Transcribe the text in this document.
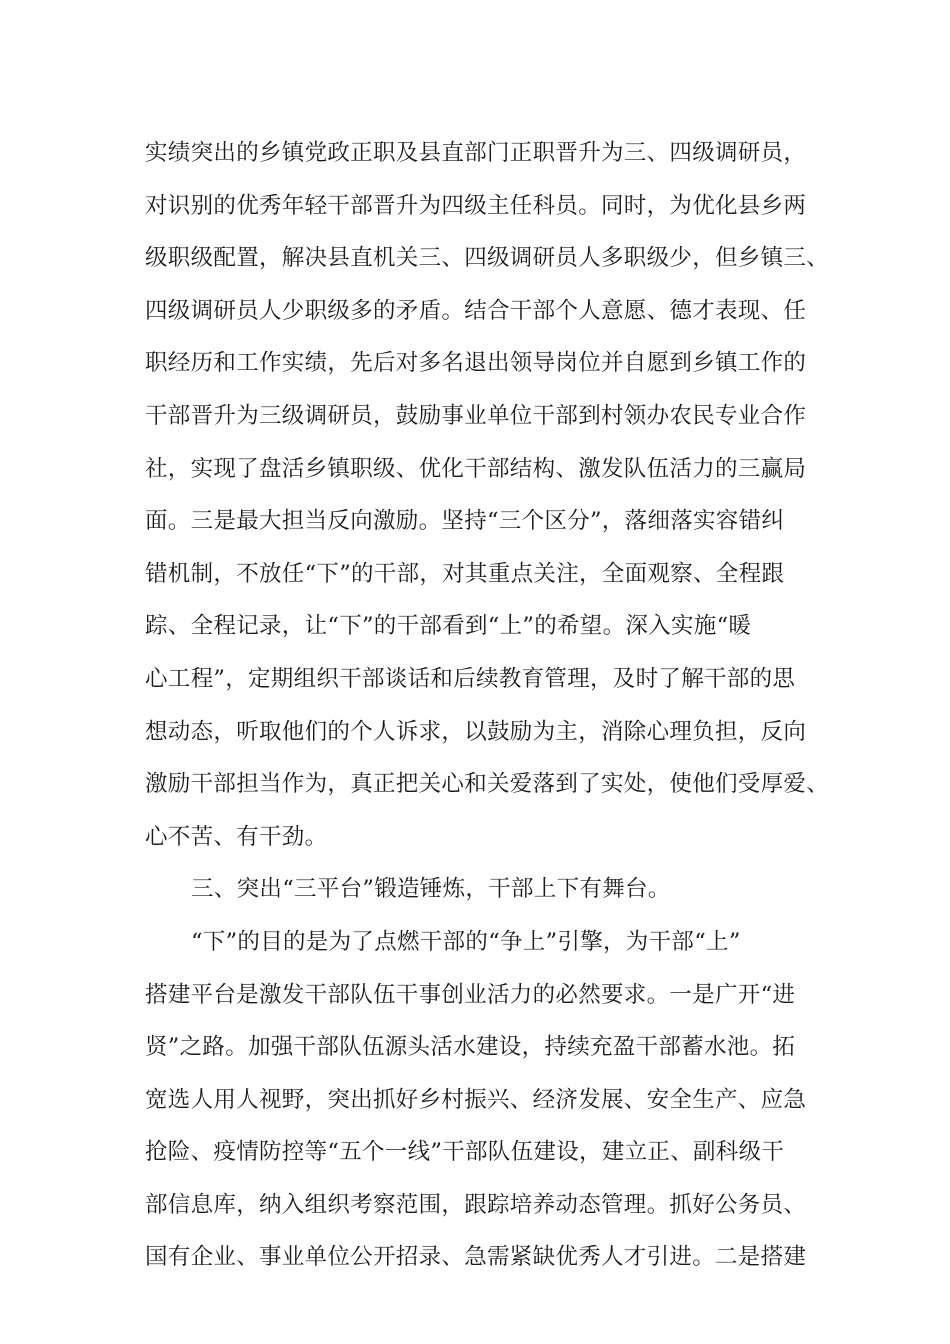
实绩突出的乡镇党政正职及县直部门正职晋升为三、四级调研员，
对识别的优秀年轻干部晋升为四级主任科员。同时，为优化县乡两
级职级配置，解决县直机关三、四级调研员人多职级少，但乡镇三、
四级调研员人少职级多的矛盾。结合干部个人意愿、德才表现、任
职经历和工作实绩，先后对多名退出领导岗位并自愿到乡镇工作的
干部晋升为三级调研员，鼓励事业单位干部到村领办农民专业合作
社，实现了盘活乡镇职级、优化干部结构、激发队伍活力的三赢局
面。三是最大担当反向激励。坚持“三个区分”，落细落实容错纠
错机制，不放任“下”的干部，对其重点关注，全面观察、全程跟
踪、全程记录，让“下”的干部看到“上”的希望。深入实施“暖
心工程”，定期组织干部谈话和后续教育管理，及时了解干部的思
想动态，听取他们的个人诉求，以鼓励为主，消除心理负担，反向
激励干部担当作为，真正把关心和关爱落到了实处，使他们受厚爱、
心不苦、有干劲。
三、突出“三平台”锻造锤炼，干部上下有舞台。
“下”的目的是为了点燃干部的“争上”引擎，为干部“上”
搭建平台是激发干部队伍干事创业活力的必然要求。一是广开“进
贤”之路。加强干部队伍源头活水建设，持续充盈干部蓄水池。拓
宽选人用人视野，突出抓好乡村振兴、经济发展、安全生产、应急
抢险、疫情防控等“五个一线”干部队伍建设，建立正、副科级干
部信息库，纳入组织考察范围，跟踪培养动态管理。抓好公务员、
国有企业、事业单位公开招录、急需紧缺优秀人才引进。二是搭建
